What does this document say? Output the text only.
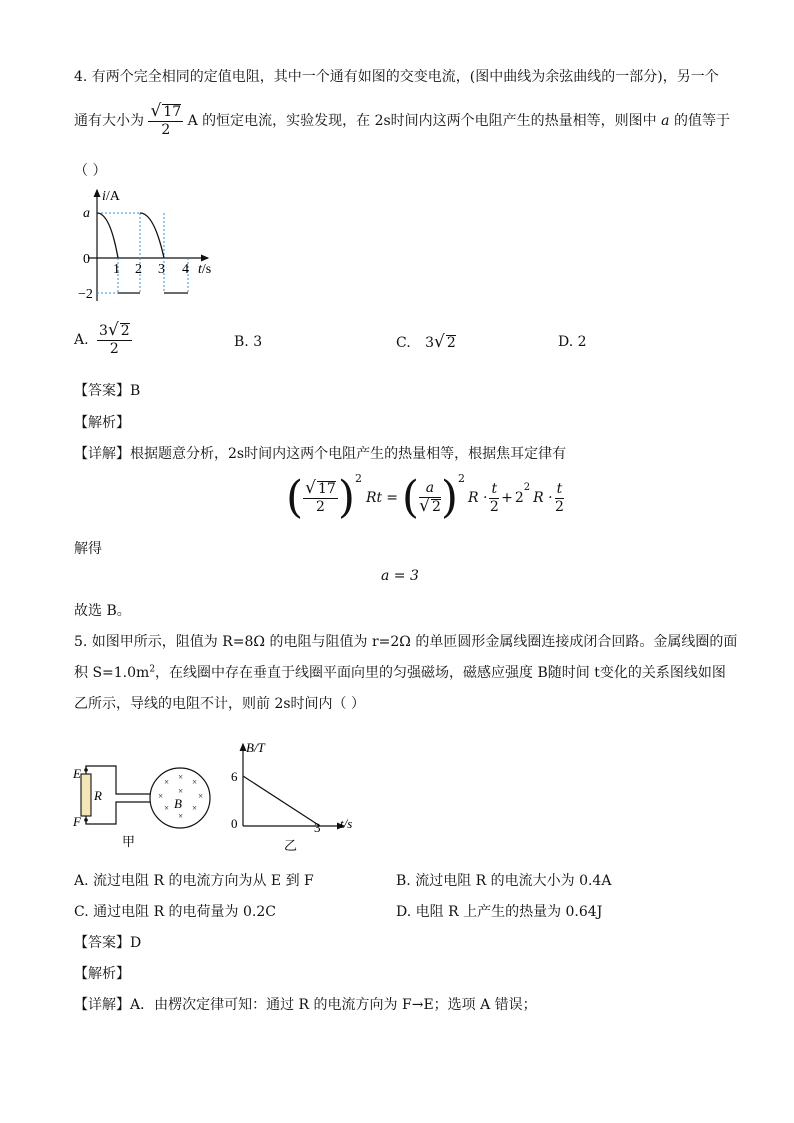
4. 有两个完全相同的定值电阻，其中一个通有如图的交变电流，(图中曲线为余弦曲线的一部分)，另一个
通有大小为 $\frac{√ 17}{2}$ A 的恒定电流，实验发现，在 2s时间内这两个电阻产生的热量相等，则图中 a 的值等于
（ ）
i/A
a
0
−2
1 2 3 4 t/s
A. $\frac{3√ 2}{2}$	B. 3	C. 3√ 2	D. 2
【答案】B
【解析】
【详解】根据题意分析，2s时间内这两个电阻产生的热量相等，根据焦耳定律有
( $\frac{√ 17}{2} )^2$
Rt = ( $\frac{a}{√ 2} )^2$
$R \cdot \frac{t}{2} + 2$
$^2$
$R \cdot \frac{t}{2}$
解得
a = 3
故选 B。
5. 如图甲所示，阻值为 R=8Ω 的电阻与阻值为 r=2Ω 的单匝圆形金属线圈连接成闭合回路。金属线圈的面
积 $S=1.0m^2$，在线圈中存在垂直于线圈平面向里的匀强磁场，磁感应强度 B随时间 t变化的关系图线如图
乙所示，导线的电阻不计，则前 2s时间内（ ）
× × ×
× × ×
×	×
×
B
E
R
F
甲
B/T
6
0	3 t/s
乙
A. 流过电阻 R 的电流方向为从 E 到 F	B. 流过电阻 R 的电流大小为 0.4A
C. 通过电阻 R 的电荷量为 0.2C	D. 电阻 R 上产生的热量为 0.64J
【答案】D
【解析】
【详解】A．由楞次定律可知：通过 R 的电流方向为 F→E；选项 A 错误；
